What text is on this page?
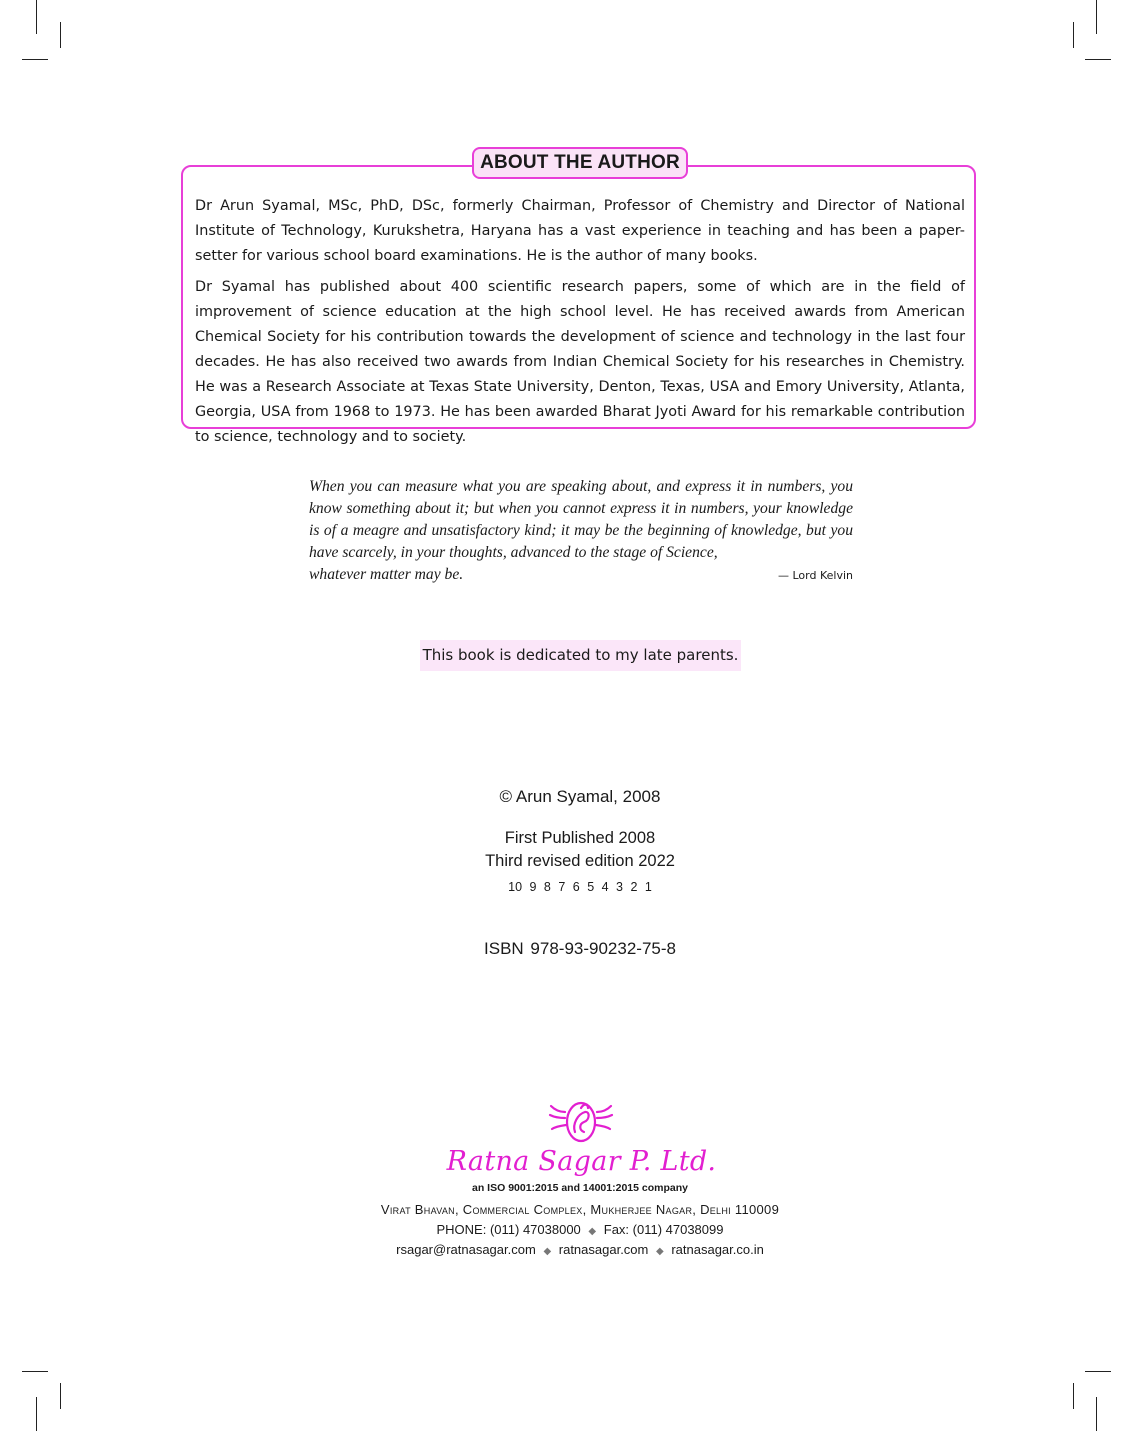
ABOUT THE AUTHOR

Dr Arun Syamal, MSc, PhD, DSc, formerly Chairman, Professor of Chemistry and Director of National Institute of Technology, Kurukshetra, Haryana has a vast experience in teaching and has been a paper-setter for various school board examinations. He is the author of many books.

Dr Syamal has published about 400 scientific research papers, some of which are in the field of improvement of science education at the high school level. He has received awards from American Chemical Society for his contribution towards the development of science and technology in the last four decades. He has also received two awards from Indian Chemical Society for his researches in Chemistry. He was a Research Associate at Texas State University, Denton, Texas, USA and Emory University, Atlanta, Georgia, USA from 1968 to 1973. He has been awarded Bharat Jyoti Award for his remarkable contribution to science, technology and to society.

When you can measure what you are speaking about, and express it in numbers, you know something about it; but when you cannot express it in numbers, your knowledge is of a meagre and unsatisfactory kind; it may be the beginning of knowledge, but you have scarcely, in your thoughts, advanced to the stage of Science,
whatever matter may be.	— Lord Kelvin
This book is dedicated to my late parents.
© Arun Syamal, 2008
First Published 2008
Third revised edition 2022
10 9 8 7 6 5 4 3 2 1
ISBN 978-93-90232-75-8
Ratna Sagar P. Ltd.
an ISO 9001:2015 and 14001:2015 company
Virat Bhavan, Commercial Complex, Mukherjee Nagar, Delhi 110009
PHONE: (011) 47038000 ◆ Fax: (011) 47038099
rsagar@ratnasagar.com ◆ ratnasagar.com ◆ ratnasagar.co.in
